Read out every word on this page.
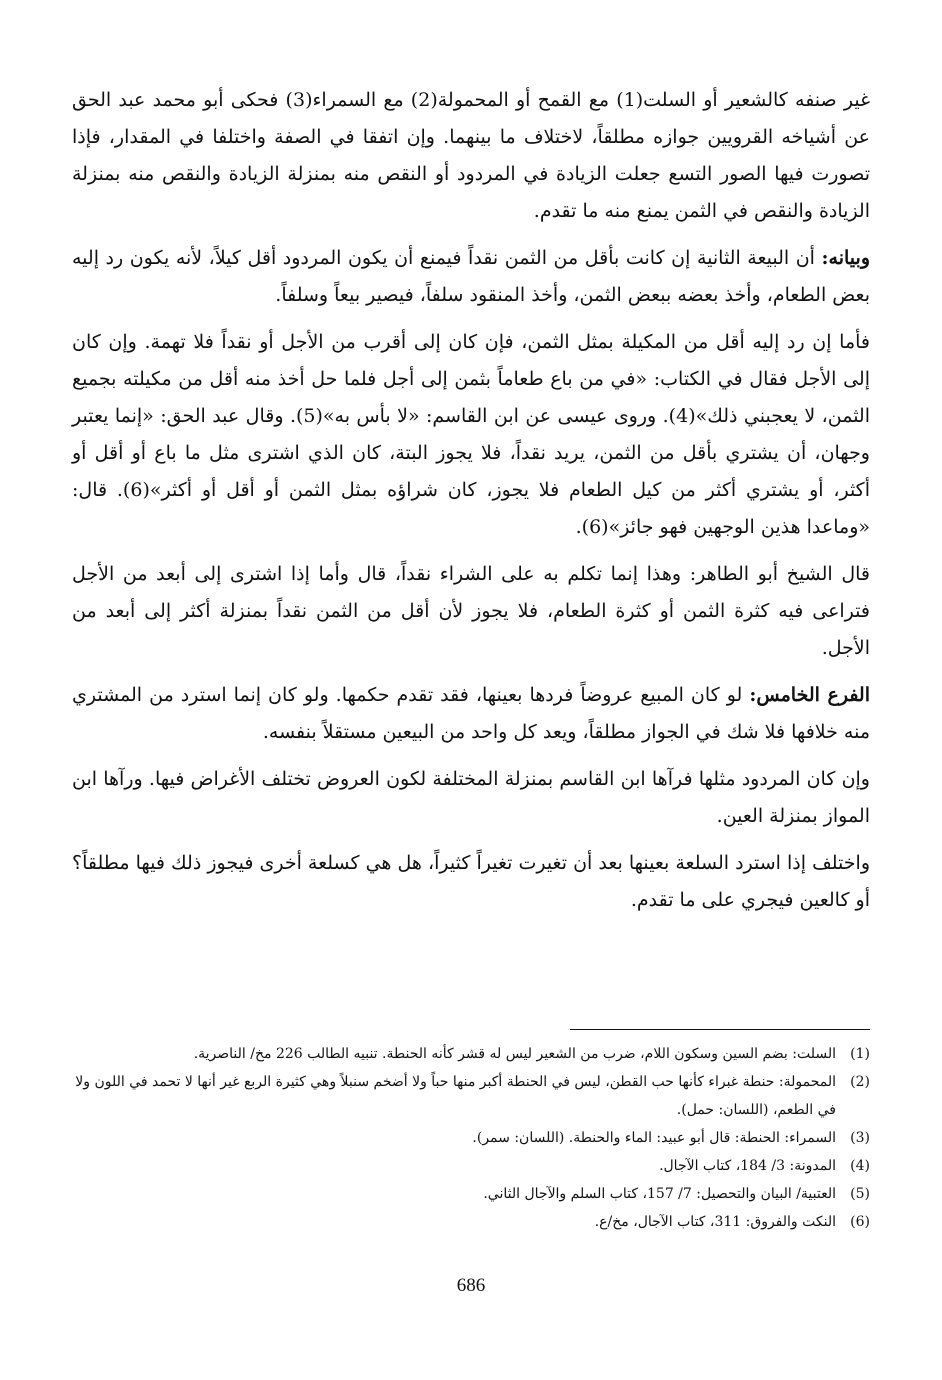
غير صنفه كالشعير أو السلت(1) مع القمح أو المحمولة(2) مع السمراء(3) فحكى أبو محمد عبد الحق عن أشياخه القرويين جوازه مطلقاً، لاختلاف ما بينهما. وإن اتفقا في الصفة واختلفا في المقدار، فإذا تصورت فيها الصور التسع جعلت الزيادة في المردود أو النقص منه بمنزلة الزيادة والنقص منه بمنزلة الزيادة والنقص في الثمن يمنع منه ما تقدم.

وبيانه: أن البيعة الثانية إن كانت بأقل من الثمن نقداً فيمنع أن يكون المردود أقل كيلاً، لأنه يكون رد إليه بعض الطعام، وأخذ بعضه ببعض الثمن، وأخذ المنقود سلفاً، فيصير بيعاً وسلفاً.

فأما إن رد إليه أقل من المكيلة بمثل الثمن، فإن كان إلى أقرب من الأجل أو نقداً فلا تهمة. وإن كان إلى الأجل فقال في الكتاب: «في من باع طعاماً بثمن إلى أجل فلما حل أخذ منه أقل من مكيلته بجميع الثمن، لا يعجبني ذلك»(4). وروى عيسى عن ابن القاسم: «لا بأس به»(5). وقال عبد الحق: «إنما يعتبر وجهان، أن يشتري بأقل من الثمن، يريد نقداً، فلا يجوز البتة، كان الذي اشترى مثل ما باع أو أقل أو أكثر، أو يشتري أكثر من كيل الطعام فلا يجوز، كان شراؤه بمثل الثمن أو أقل أو أكثر»(6). قال: «وماعدا هذين الوجهين فهو جائز»(6).

قال الشيخ أبو الطاهر: وهذا إنما تكلم به على الشراء نقداً، قال وأما إذا اشترى إلى أبعد من الأجل فتراعى فيه كثرة الثمن أو كثرة الطعام، فلا يجوز لأن أقل من الثمن نقداً بمنزلة أكثر إلى أبعد من الأجل.

الفرع الخامس: لو كان المبيع عروضاً فردها بعينها، فقد تقدم حكمها. ولو كان إنما استرد من المشتري منه خلافها فلا شك في الجواز مطلقاً، ويعد كل واحد من البيعين مستقلاً بنفسه.

وإن كان المردود مثلها فرآها ابن القاسم بمنزلة المختلفة لكون العروض تختلف الأغراض فيها. ورآها ابن المواز بمنزلة العين.

واختلف إذا استرد السلعة بعينها بعد أن تغيرت تغيراً كثيراً، هل هي كسلعة أخرى فيجوز ذلك فيها مطلقاً؟ أو كالعين فيجري على ما تقدم.

(1)
السلت: بضم السين وسكون اللام، ضرب من الشعير ليس له قشر كأنه الحنطة. تنبيه الطالب 226 مخ/ الناصرية.
(2)
المحمولة: حنطة غبراء كأنها حب القطن، ليس في الحنطة أكبر منها حباً ولا أضخم سنبلاً وهي كثيرة الربع غير أنها لا تحمد في اللون ولا في الطعم، (اللسان: حمل).
(3)
السمراء: الحنطة: قال أبو عبيد: الماء والحنطة. (اللسان: سمر).
(4)
المدونة: 3/ 184، كتاب الآجال.
(5)
العتبية/ البيان والتحصيل: 7/ 157، كتاب السلم والآجال الثاني.
(6)
النكت والفروق: 311، كتاب الآجال، مخ/ع.
686
